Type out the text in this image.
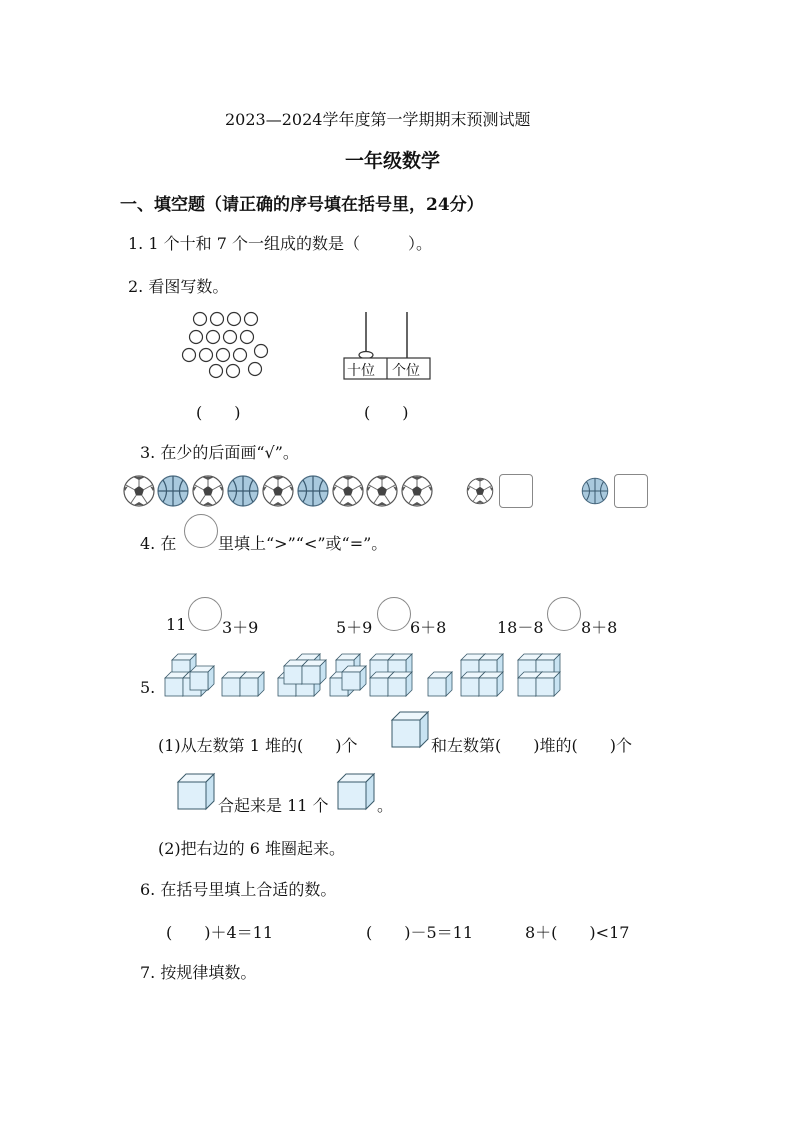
2023—2024学年度第一学期期末预测试题
一年级数学
一、填空题（请正确的序号填在括号里，24分）
1. 1 个十和 7 个一组成的数是（　　　）。
2. 看图写数。
(　　)
十位 个位
(　　)
3. 在少的后面画“√”。
4. 在	里填上“>”“<”或“=”。
11 3＋9	5＋9 6＋8	18－8 8＋8
5.
(1)从左数第 1 堆的(　　)个	和左数第(　　)堆的(　　)个
合起来是 11 个	。
(2)把右边的 6 堆圈起来。
6. 在括号里填上合适的数。
(　　)＋4＝11	(　　)－5＝11	8＋(　　)<17
7. 按规律填数。
